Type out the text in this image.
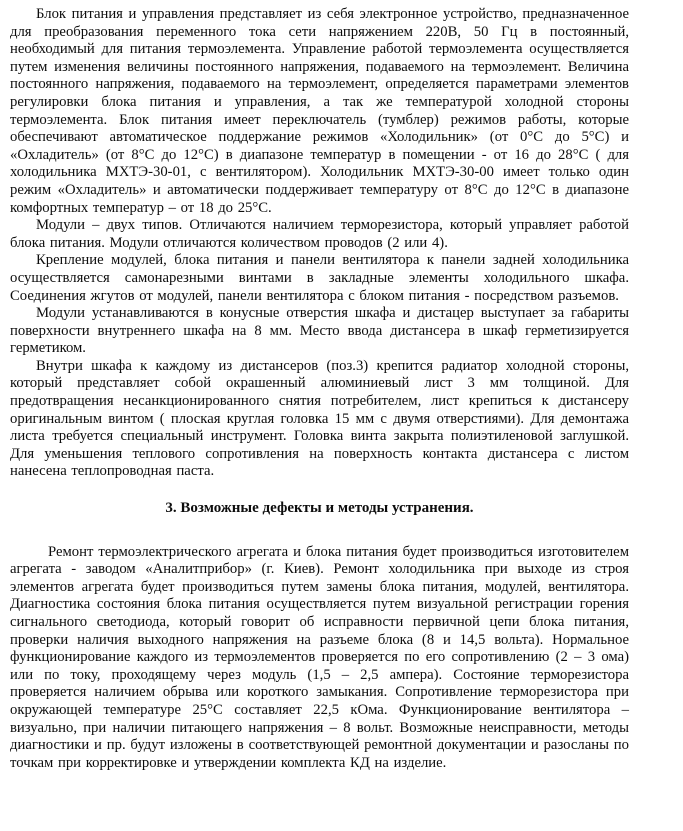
Блок питания и управления представляет из себя электронное устройство, предназначенное для преобразования переменного тока сети напряжением 220В, 50 Гц в постоянный, необходимый для питания термоэлемента. Управление работой термоэлемента осуществляется путем изменения величины постоянного напряжения, подаваемого на термоэлемент. Величина постоянного напряжения, подаваемого на термоэлемент, определяется параметрами элементов регулировки блока питания и управления, а так же температурой холодной стороны термоэлемента. Блок питания имеет переключатель (тумблер) режимов работы, которые обеспечивают автоматическое поддержание режимов «Холодильник» (от 0°С до 5°С) и «Охладитель» (от 8°С до 12°С) в диапазоне температур в помещении - от 16 до 28°С ( для холодильника МХТЭ-30-01, с вентилятором). Холодильник МХТЭ-30-00 имеет только один режим «Охладитель» и автоматически поддерживает температуру от 8°С до 12°С в диапазоне комфортных температур – от 18 до 25°С.

Модули – двух типов. Отличаются наличием терморезистора, который управляет работой блока питания. Модули отличаются количеством проводов (2 или 4).

Крепление модулей, блока питания и панели вентилятора к панели задней холодильника осуществляется самонарезными винтами в закладные элементы холодильного шкафа. Соединения жгутов от модулей, панели вентилятора с блоком питания - посредством разъемов.

Модули устанавливаются в конусные отверстия шкафа и дистацер выступает за габариты поверхности внутреннего шкафа на 8 мм. Место ввода дистансера в шкаф герметизируется герметиком.

Внутри шкафа к каждому из дистансеров (поз.3) крепится радиатор холодной стороны, который представляет собой окрашенный алюминиевый лист 3 мм толщиной. Для предотвращения несанкционированного снятия потребителем, лист крепиться к дистансеру оригинальным винтом ( плоская круглая головка 15 мм с двумя отверстиями). Для демонтажа листа требуется специальный инструмент. Головка винта закрыта полиэтиленовой заглушкой. Для уменьшения теплового сопротивления на поверхность контакта дистансера с листом нанесена теплопроводная паста.

3. Возможные дефекты и методы устранения.

Ремонт термоэлектрического агрегата и блока питания будет производиться изготовителем агрегата - заводом «Аналитприбор» (г. Киев). Ремонт холодильника при выходе из строя элементов агрегата будет производиться путем замены блока питания, модулей, вентилятора. Диагностика состояния блока питания осуществляется путем визуальной регистрации горения сигнального светодиода, который говорит об исправности первичной цепи блока питания, проверки наличия выходного напряжения на разъеме блока (8 и 14,5 вольта). Нормальное функционирование каждого из термоэлементов проверяется по его сопротивлению (2 – 3 ома) или по току, проходящему через модуль (1,5 – 2,5 ампера). Состояние терморезистора проверяется наличием обрыва или короткого замыкания. Сопротивление терморезистора при окружающей температуре 25°С составляет 22,5 кОма. Функционирование вентилятора – визуально, при наличии питающего напряжения – 8 вольт. Возможные неисправности, методы диагностики и пр. будут изложены в соответствующей ремонтной документации и разосланы по точкам при корректировке и утверждении комплекта КД на изделие.
